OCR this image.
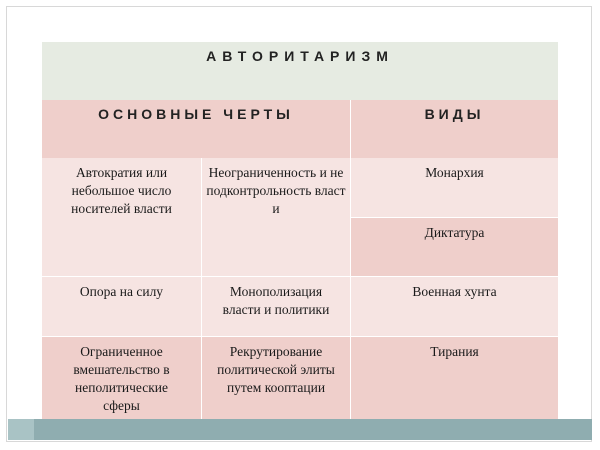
АВТОРИТАРИЗМ
ОСНОВНЫЕ ЧЕРТЫ	ВИДЫ
Автократия или небольшое число носителей власти
Неограниченность и неподконтрольность власти
Монархия
Диктатура
Опора на силу	Монополизация власти и политики
Военная хунта
Ограниченное вмешательство в неполитические сферы
Рекрутирование политической элиты путем кооптации
Тирания
